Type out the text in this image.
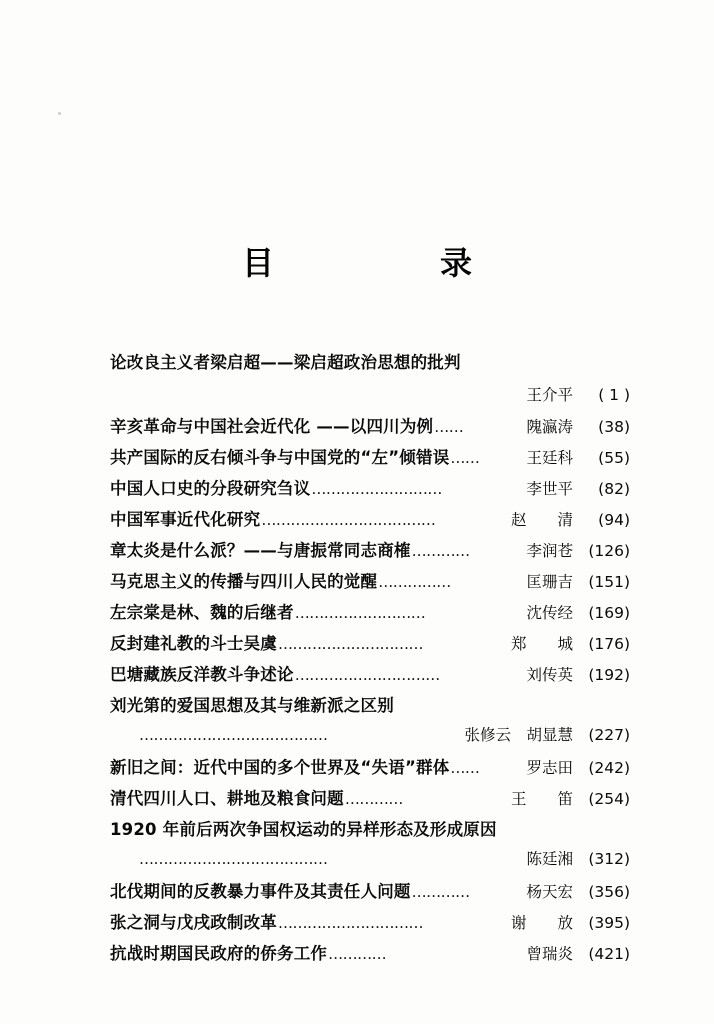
目　　录
论改良主义者梁启超——梁启超政治思想的批判
王介平	( 1 )
辛亥革命与中国社会近代化 ——以四川为例 ……	隗瀛涛	(38)
共产国际的反右倾斗争与中国党的“左”倾错误 ……	王廷科	(55)
中国人口史的分段研究刍议 ………………………	李世平	(82)
中国军事近代化研究 ………………………………	赵　　清	(94)
章太炎是什么派？——与唐振常同志商榷 …………	李润苍 (126)
马克思主义的传播与四川人民的觉醒 ……………	匡珊吉 (151)
左宗棠是林、魏的后继者 ………………………	沈传经 (169)
反封建礼教的斗士吴虞 …………………………	郑　　城 (176)
巴塘藏族反洋教斗争述论 …………………………	刘传英 (192)
刘光第的爱国思想及其与维新派之区别
…………………………………	张修云　胡显慧 (227)
新旧之间：近代中国的多个世界及“失语”群体 ……	罗志田 (242)
清代四川人口、耕地及粮食问题 …………	王　　笛 (254)
1920 年前后两次争国权运动的异样形态及形成原因
…………………………………	陈廷湘 (312)
北伐期间的反教暴力事件及其责任人问题 …………	杨天宏 (356)
张之洞与戊戌政制改革 …………………………	谢　　放 (395)
抗战时期国民政府的侨务工作 …………	曾瑞炎 (421)
